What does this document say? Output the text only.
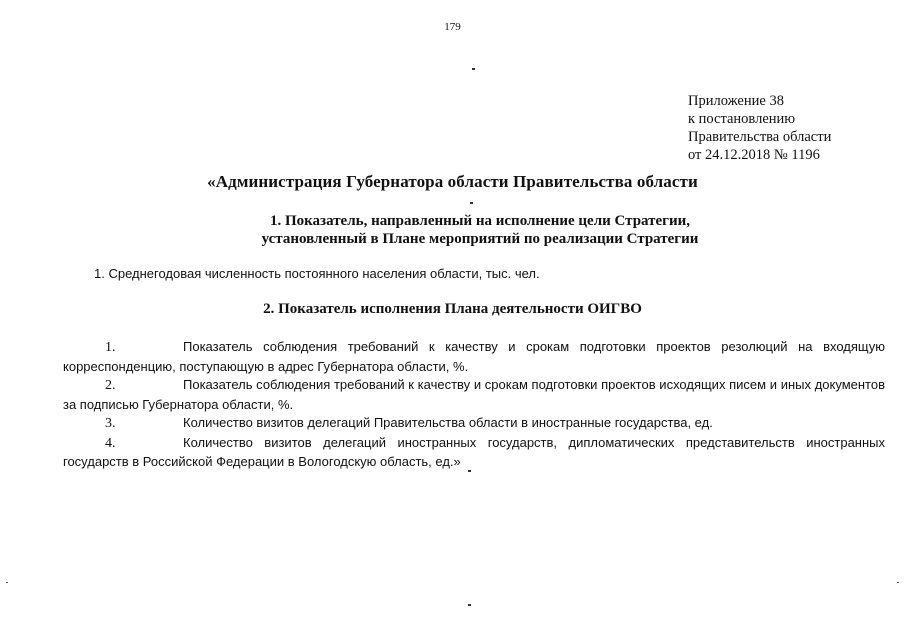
179
Приложение 38
к постановлению
Правительства области
от 24.12.2018 № 1196
«Администрация Губернатора области Правительства области
1. Показатель, направленный на исполнение цели Стратегии,
установленный в Плане мероприятий по реализации Стратегии
1. Среднегодовая численность постоянного населения области, тыс. чел.
2. Показатель исполнения Плана деятельности ОИГВО
1.	Показатель соблюдения требований к качеству и срокам подготовки проектов резолюций на входящую корреспонденцию, поступающую в адрес Губернатора области, %.
2.	Показатель соблюдения требований к качеству и срокам подготовки проектов исходящих писем и иных документов за подписью Губернатора области, %.
3.	Количество визитов делегаций Правительства области в иностранные государства, ед.
4.	Количество визитов делегаций иностранных государств, дипломатических представительств иностранных государств в Российской Федерации в Вологодскую область, ед.»
